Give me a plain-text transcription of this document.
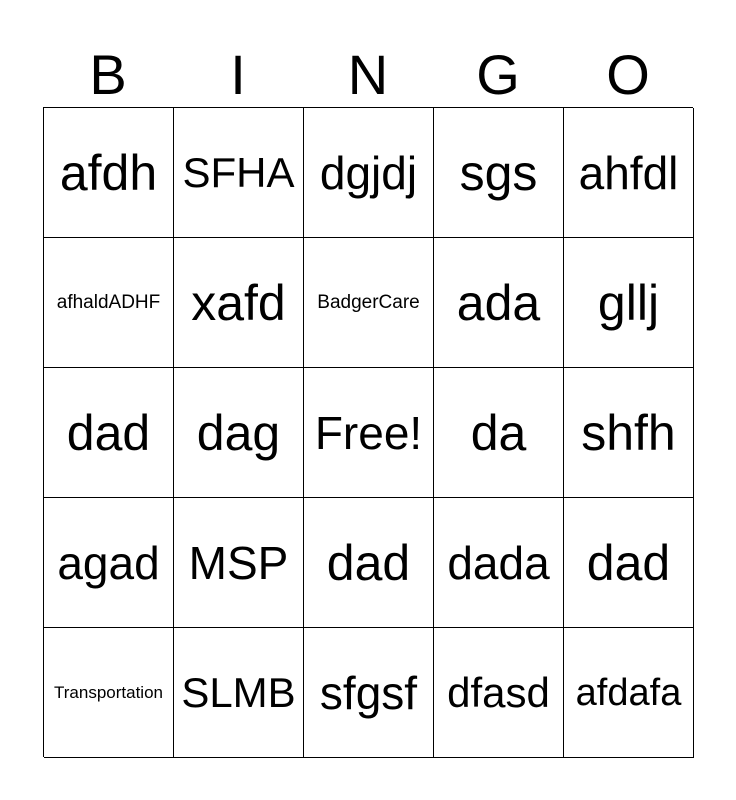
B	I	N	G	O
afdh SFHA dgjdj sgs ahfdl
afhaldADHF xafd BadgerCare ada gllj
dad dag Free! da shfh
agad MSP dad dada dad
Transportation SLMB sfgsf dfasd afdafa
